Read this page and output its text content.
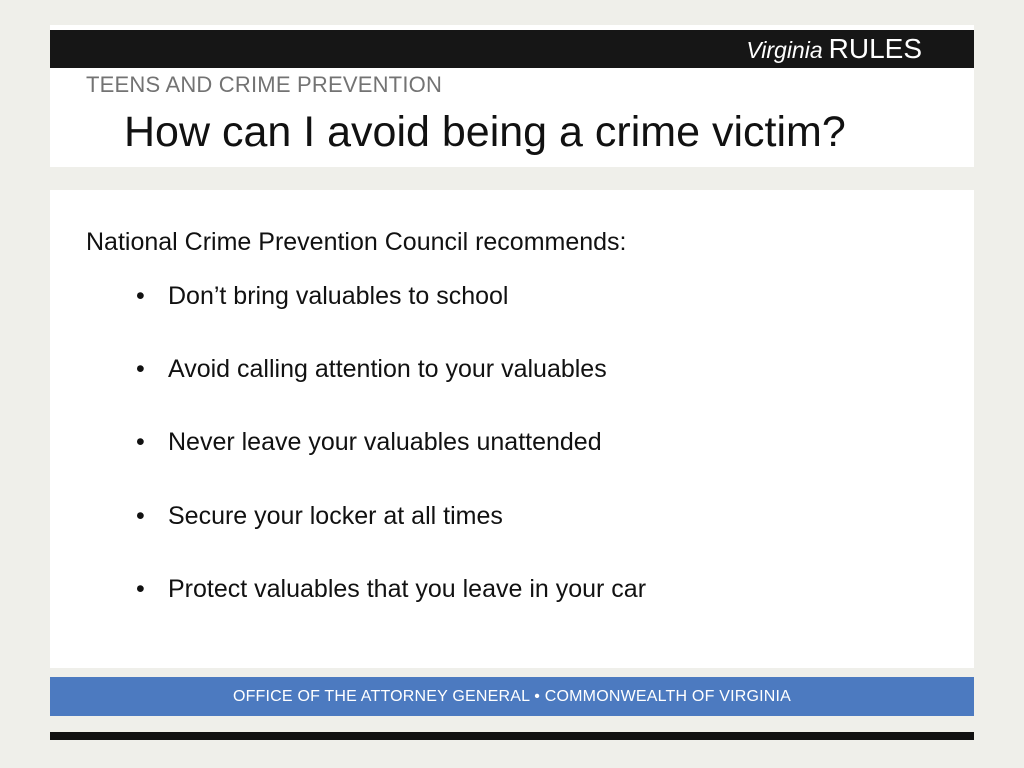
Virginia RULES
TEENS AND CRIME PREVENTION
How can I avoid being a crime victim?
National Crime Prevention Council recommends:
• Don’t bring valuables to school
• Avoid calling attention to your valuables
• Never leave your valuables unattended
• Secure your locker at all times
• Protect valuables that you leave in your car
OFFICE OF THE ATTORNEY GENERAL • COMMONWEALTH OF VIRGINIA
